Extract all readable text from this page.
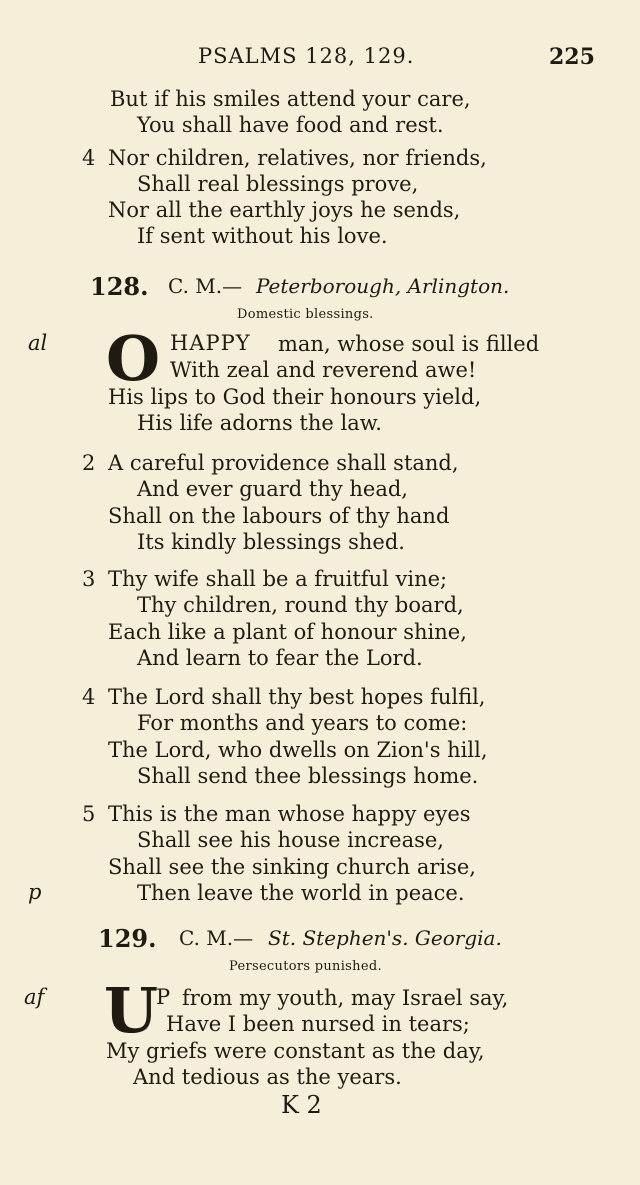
PSALMS 128, 129.	225
But if his smiles attend your care,
You shall have food and rest.
4 Nor children, relatives, nor friends,
Shall real blessings prove,
Nor all the earthly joys he sends,
If sent without his love.
128. C. M.— Peterborough, Arlington.
Domestic blessings.
al O HAPPY man, whose soul is filled
With zeal and reverend awe!
His lips to God their honours yield,
His life adorns the law.
2 A careful providence shall stand,
And ever guard thy head,
Shall on the labours of thy hand
Its kindly blessings shed.
3 Thy wife shall be a fruitful vine;
Thy children, round thy board,
Each like a plant of honour shine,
And learn to fear the Lord.
4 The Lord shall thy best hopes fulfil,
For months and years to come:
The Lord, who dwells on Zion's hill,
Shall send thee blessings home.
5 This is the man whose happy eyes
Shall see his house increase,
Shall see the sinking church arise,
p	Then leave the world in peace.
129. C. M.— St. Stephen's. Georgia.
Persecutors punished.
af U
P from my youth, may Israel say,
Have I been nursed in tears;
My griefs were constant as the day,
And tedious as the years.
K 2
